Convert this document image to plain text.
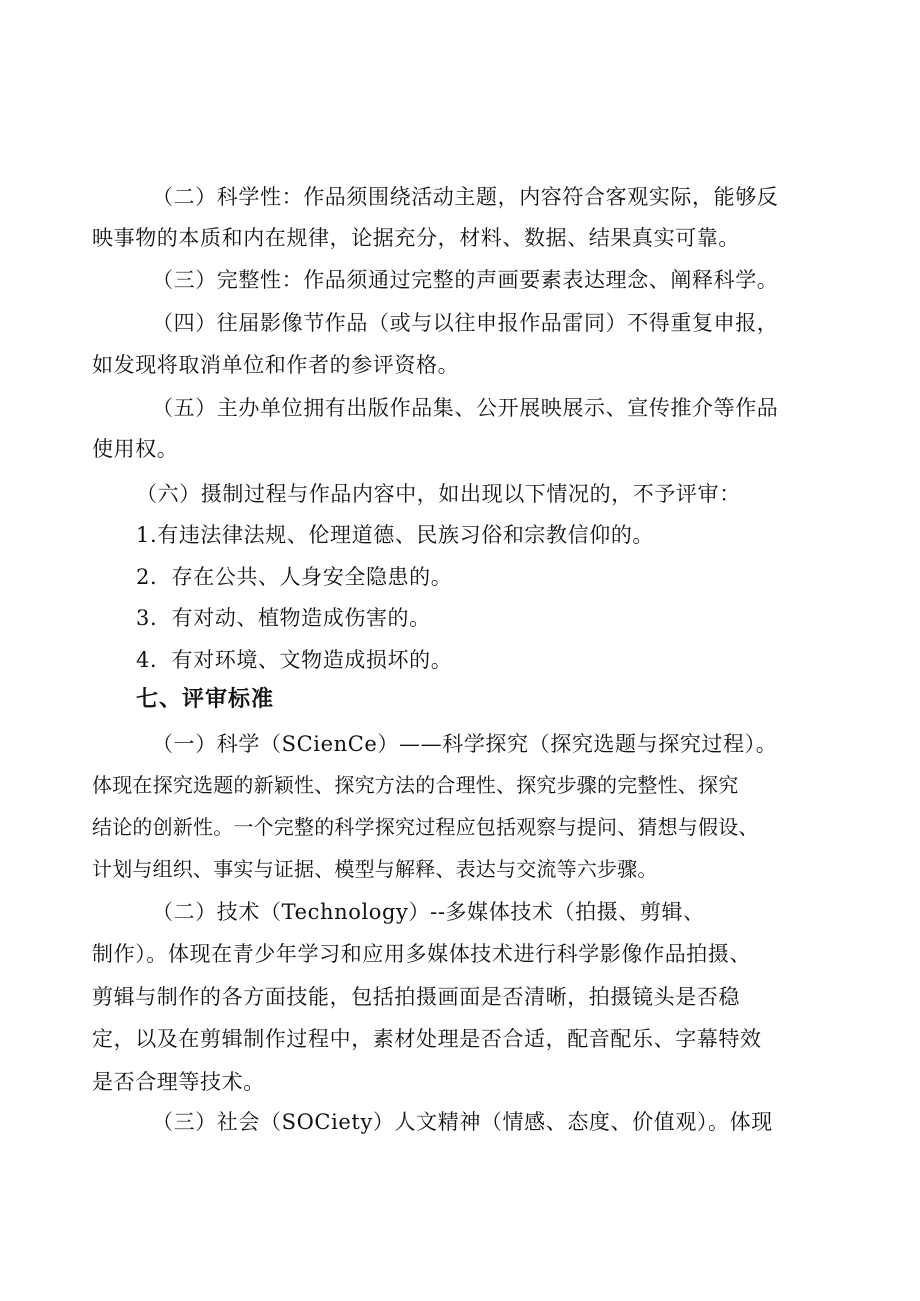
（二）科学性：作品须围绕活动主题，内容符合客观实际，能够反
映事物的本质和内在规律，论据充分，材料、数据、结果真实可靠。
（三）完整性：作品须通过完整的声画要素表达理念、阐释科学。
（四）往届影像节作品（或与以往申报作品雷同）不得重复申报，
如发现将取消单位和作者的参评资格。
（五）主办单位拥有出版作品集、公开展映展示、宣传推介等作品
使用权。
（六）摄制过程与作品内容中，如出现以下情况的，不予评审：
1.有违法律法规、伦理道德、民族习俗和宗教信仰的。
2．存在公共、人身安全隐患的。
3．有对动、植物造成伤害的。
4．有对环境、文物造成损坏的。
七、评审标准
（一）科学（SCienCe）——科学探究（探究选题与探究过程）。
体现在探究选题的新颖性、探究方法的合理性、探究步骤的完整性、探究
结论的创新性。一个完整的科学探究过程应包括观察与提问、猜想与假设、
计划与组织、事实与证据、模型与解释、表达与交流等六步骤。
（二）技术（Technology）--多媒体技术（拍摄、剪辑、
制作）。体现在青少年学习和应用多媒体技术进行科学影像作品拍摄、
剪辑与制作的各方面技能，包括拍摄画面是否清晰，拍摄镜头是否稳
定，以及在剪辑制作过程中，素材处理是否合适，配音配乐、字幕特效
是否合理等技术。
（三）社会（SOCiety）人文精神（情感、态度、价值观）。体现
